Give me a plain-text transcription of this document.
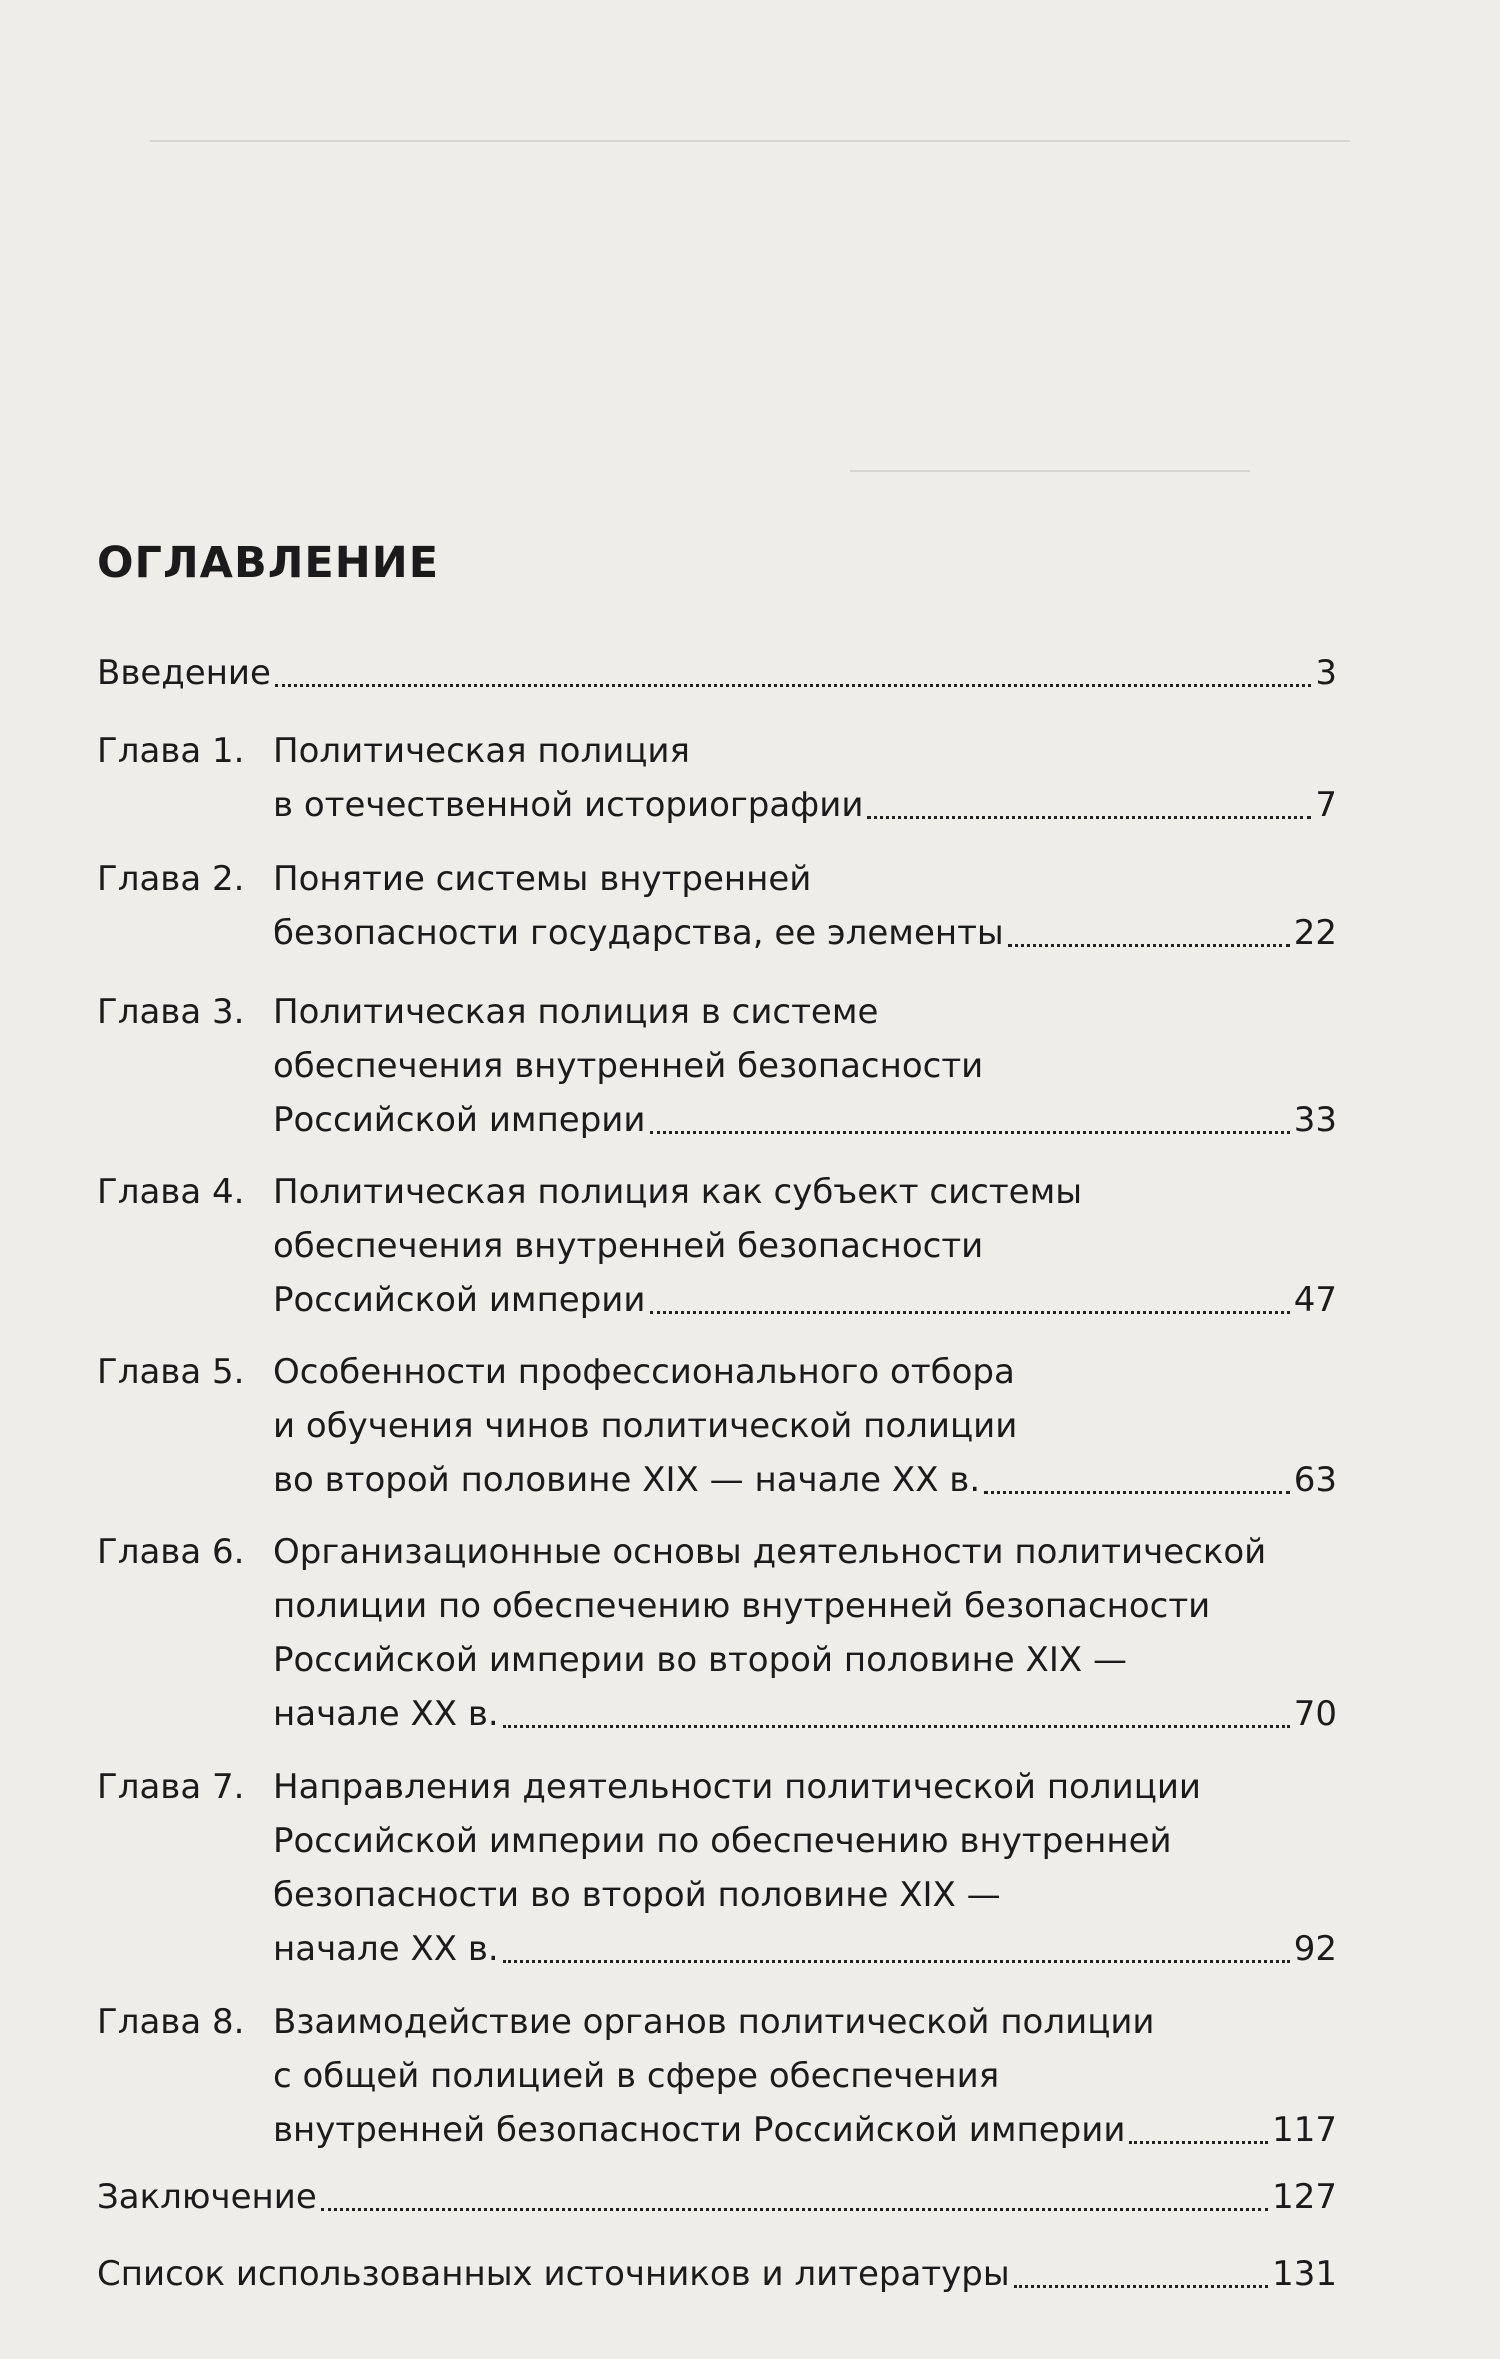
ОГЛАВЛЕНИЕ
Введение	3
Глава 1. Политическая полиция
в отечественной историографии	7
Глава 2. Понятие системы внутренней
безопасности государства, ее элементы	22
Глава 3. Политическая полиция в системе
обеспечения внутренней безопасности
Российской империи	33
Глава 4. Политическая полиция как субъект системы
обеспечения внутренней безопасности
Российской империи	47
Глава 5. Особенности профессионального отбора
и обучения чинов политической полиции
во второй половине XIX — начале XX в.	63
Глава 6. Организационные основы деятельности политической
полиции по обеспечению внутренней безопасности
Российской империи во второй половине XIX —
начале XX в.	70
Глава 7. Направления деятельности политической полиции
Российской империи по обеспечению внутренней
безопасности во второй половине XIX —
начале XX в.	92
Глава 8. Взаимодействие органов политической полиции
с общей полицией в сфере обеспечения
внутренней безопасности Российской империи	117
Заключение	127
Список использованных источников и литературы	131
